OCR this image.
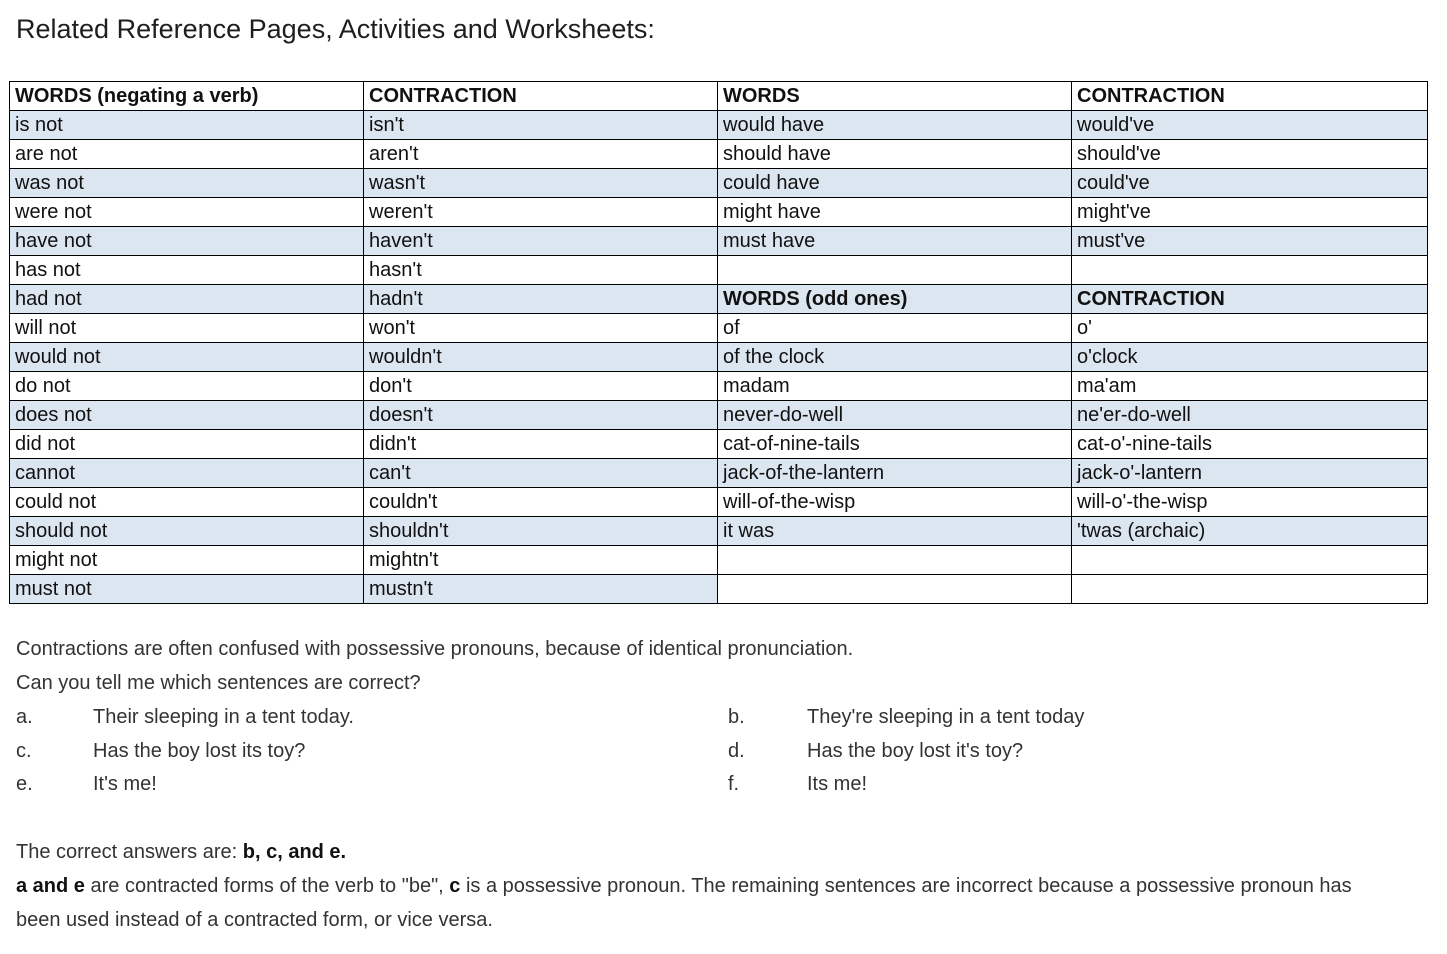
Related Reference Pages, Activities and Worksheets:
WORDS (negating a verb)	CONTRACTION	WORDS	CONTRACTION
is not	isn't	would have	would've
are not	aren't	should have	should've
was not	wasn't	could have	could've
were not	weren't	might have	might've
have not	haven't	must have	must've
has not	hasn't		
had not	hadn't	WORDS (odd ones)	CONTRACTION
will not	won't	of	o'
would not	wouldn't	of the clock	o'clock
do not	don't	madam	ma'am
does not	doesn't	never-do-well	ne'er-do-well
did not	didn't	cat-of-nine-tails	cat-o'-nine-tails
cannot	can't	jack-of-the-lantern	jack-o'-lantern
could not	couldn't	will-of-the-wisp	will-o'-the-wisp
should not	shouldn't	it was	'twas (archaic)
might not	mightn't		
must not	mustn't		

Contractions are often confused with possessive pronouns, because of identical pronunciation.

Can you tell me which sentences are correct?

a.	Their sleeping in a tent today.	b.	They're sleeping in a tent today
c.	Has the boy lost its toy?	d.	Has the boy lost it's toy?
e.	It's me!	f.	Its me!

The correct answers are: b, c, and e.

a and e are contracted forms of the verb to "be", c is a possessive pronoun. The remaining sentences are incorrect because a possessive pronoun has

been used instead of a contracted form, or vice versa.
